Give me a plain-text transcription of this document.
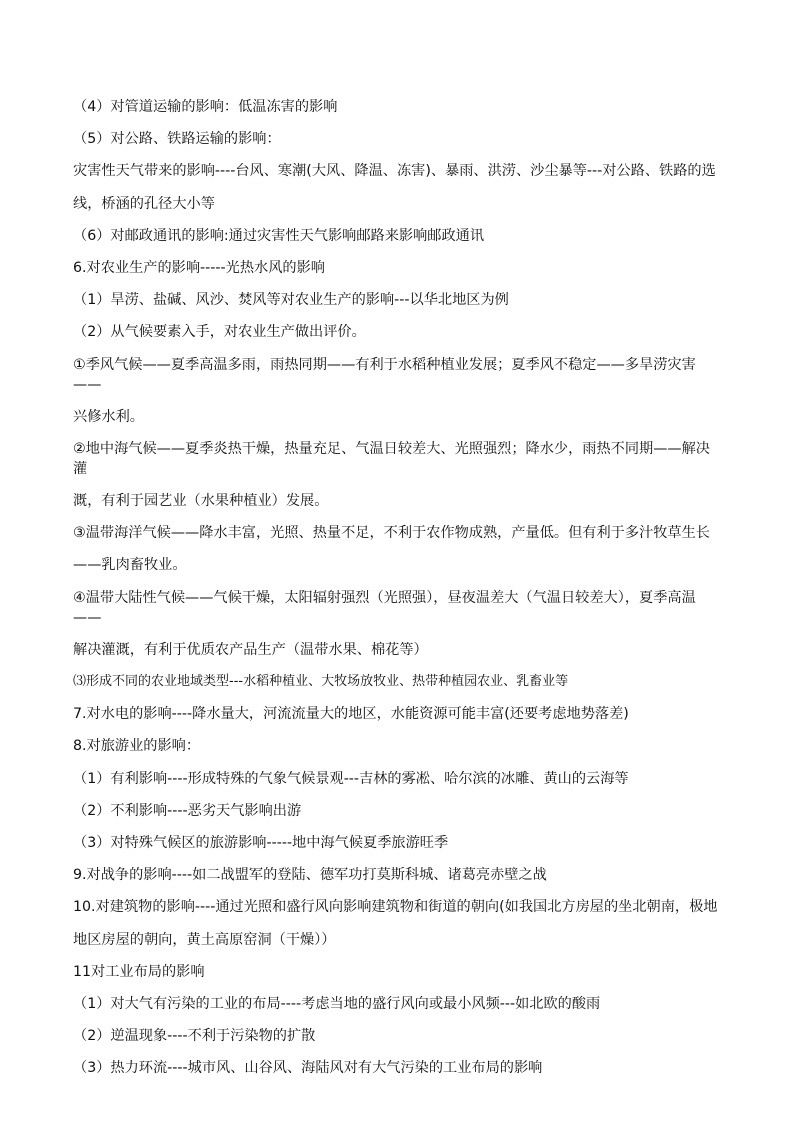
（4）对管道运输的影响：低温冻害的影响
（5）对公路、铁路运输的影响：
灾害性天气带来的影响----台风、寒潮(大风、降温、冻害)、暴雨、洪涝、沙尘暴等---对公路、铁路的选
线，桥涵的孔径大小等
（6）对邮政通讯的影响:通过灾害性天气影响邮路来影响邮政通讯
6.对农业生产的影响-----光热水风的影响
（1）旱涝、盐碱、风沙、焚风等对农业生产的影响---以华北地区为例
（2）从气候要素入手，对农业生产做出评价。
①季风气候——夏季高温多雨，雨热同期——有利于水稻种植业发展；夏季风不稳定——多旱涝灾害——
兴修水利。
②地中海气候——夏季炎热干燥，热量充足、气温日较差大、光照强烈；降水少，雨热不同期——解决灌
溉，有利于园艺业（水果种植业）发展。
③温带海洋气候——降水丰富，光照、热量不足，不利于农作物成熟，产量低。但有利于多汁牧草生长
——乳肉畜牧业。
④温带大陆性气候——气候干燥，太阳辐射强烈（光照强），昼夜温差大（气温日较差大），夏季高温——
解决灌溉，有利于优质农产品生产（温带水果、棉花等）
⑶形成不同的农业地域类型---水稻种植业、大牧场放牧业、热带种植园农业、乳畜业等
7.对水电的影响----降水量大，河流流量大的地区，水能资源可能丰富(还要考虑地势落差)
8.对旅游业的影响：
（1）有利影响----形成特殊的气象气候景观---吉林的雾凇、哈尔滨的冰雕、黄山的云海等
（2）不利影响----恶劣天气影响出游
（3）对特殊气候区的旅游影响-----地中海气候夏季旅游旺季
9.对战争的影响----如二战盟军的登陆、德军功打莫斯科城、诸葛亮赤壁之战
10.对建筑物的影响----通过光照和盛行风向影响建筑物和街道的朝向(如我国北方房屋的坐北朝南，极地
地区房屋的朝向，黄土高原窑洞（干燥））
11对工业布局的影响
（1）对大气有污染的工业的布局----考虑当地的盛行风向或最小风频---如北欧的酸雨
（2）逆温现象----不利于污染物的扩散
（3）热力环流----城市风、山谷风、海陆风对有大气污染的工业布局的影响
